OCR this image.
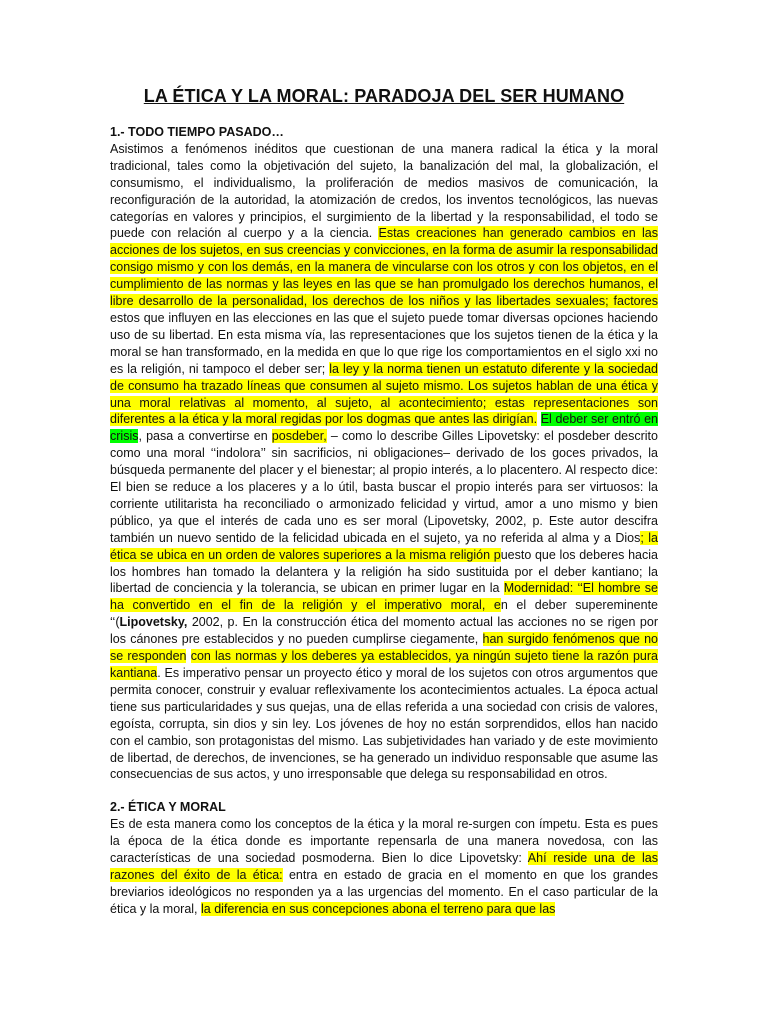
LA ÉTICA Y LA MORAL: PARADOJA DEL SER HUMANO
1.- TODO TIEMPO PASADO…

Asistimos a fenómenos inéditos que cuestionan de una manera radical la ética y la moral tradicional, tales como la objetivación del sujeto, la banalización del mal, la globalización, el consumismo, el individualismo, la proliferación de medios masivos de comunicación, la reconfiguración de la autoridad, la atomización de credos, los inventos tecnológicos, las nuevas categorías en valores y principios, el surgimiento de la libertad y la responsabilidad, el todo se puede con relación al cuerpo y a la ciencia. Estas creaciones han generado cambios en las acciones de los sujetos, en sus creencias y convicciones, en la forma de asumir la responsabilidad consigo mismo y con los demás, en la manera de vincularse con los otros y con los objetos, en el cumplimiento de las normas y las leyes en las que se han promulgado los derechos humanos, el libre desarrollo de la personalidad, los derechos de los niños y las libertades sexuales; factores estos que influyen en las elecciones en las que el sujeto puede tomar diversas opciones haciendo uso de su libertad. En esta misma vía, las representaciones que los sujetos tienen de la ética y la moral se han transformado, en la medida en que lo que rige los comportamientos en el siglo xxi no es la religión, ni tampoco el deber ser; la ley y la norma tienen un estatuto diferente y la sociedad de consumo ha trazado líneas que consumen al sujeto mismo. Los sujetos hablan de una ética y una moral relativas al momento, al sujeto, al acontecimiento; estas representaciones son diferentes a la ética y la moral regidas por los dogmas que antes las dirigían. El deber ser entró en crisis, pasa a convertirse en posdeber, – como lo describe Gilles Lipovetsky: el posdeber descrito como una moral ‘‘indolora’’ sin sacrificios, ni obligaciones– derivado de los goces privados, la búsqueda permanente del placer y el bienestar; al propio interés, a lo placentero. Al respecto dice: El bien se reduce a los placeres y a lo útil, basta buscar el propio interés para ser virtuosos: la corriente utilitarista ha reconciliado o armonizado felicidad y virtud, amor a uno mismo y bien público, ya que el interés de cada uno es ser moral (Lipovetsky, 2002, p. Este autor descifra también un nuevo sentido de la felicidad ubicada en el sujeto, ya no referida al alma y a Dios; la ética se ubica en un orden de valores superiores a la misma religión puesto que los deberes hacia los hombres han tomado la delantera y la religión ha sido sustituida por el deber kantiano; la libertad de conciencia y la tolerancia, se ubican en primer lugar en la Modernidad: ‘‘El hombre se ha convertido en el fin de la religión y el imperativo moral, en el deber supereminente ‘‘(Lipovetsky, 2002, p. En la construcción ética del momento actual las acciones no se rigen por los cánones pre establecidos y no pueden cumplirse ciegamente, han surgido fenómenos que no se responden con las normas y los deberes ya establecidos, ya ningún sujeto tiene la razón pura kantiana. Es imperativo pensar un proyecto ético y moral de los sujetos con otros argumentos que permita conocer, construir y evaluar reflexivamente los acontecimientos actuales. La época actual tiene sus particularidades y sus quejas, una de ellas referida a una sociedad con crisis de valores, egoísta, corrupta, sin dios y sin ley. Los jóvenes de hoy no están sorprendidos, ellos han nacido con el cambio, son protagonistas del mismo. Las subjetividades han variado y de este movimiento de libertad, de derechos, de invenciones, se ha generado un individuo responsable que asume las consecuencias de sus actos, y uno irresponsable que delega su responsabilidad en otros.

2.- ÉTICA Y MORAL

Es de esta manera como los conceptos de la ética y la moral re-surgen con ímpetu. Esta es pues la época de la ética donde es importante repensarla de una manera novedosa, con las características de una sociedad posmoderna. Bien lo dice Lipovetsky: Ahí reside una de las razones del éxito de la ética: entra en estado de gracia en el momento en que los grandes breviarios ideológicos no responden ya a las urgencias del momento. En el caso particular de la ética y la moral, la diferencia en sus concepciones abona el terreno para que las
